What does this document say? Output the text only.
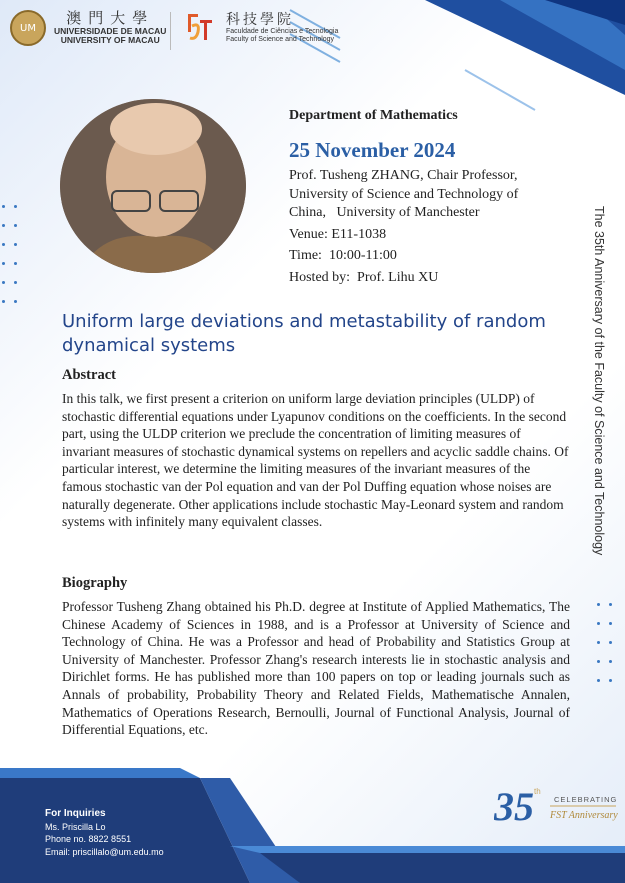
UM
澳門大學
UNIVERSIDADE DE MACAU
UNIVERSITY OF MACAU
科技學院
Faculdade de Ciências e Tecnologia
Faculty of Science and Technology

Department of Mathematics

25 November 2024

Prof. Tusheng ZHANG, Chair Professor,

University of Science and Technology of

China,   University of Manchester

Venue: E11-1038

Time:  10:00-11:00

Hosted by:  Prof. Lihu XU	The 35th Anniversary of the Faculty of Science and Technology

Uniform large deviations and metastability of random dynamical systems

Abstract

In this talk, we first present a criterion on uniform large deviation principles (ULDP) of stochastic differential equations under Lyapunov conditions on the coefficients. In the second part, using the ULDP criterion we preclude the concentration of limiting measures of invariant measures of stochastic dynamical systems on repellers and acyclic saddle chains. Of particular interest, we determine the limiting measures of the invariant measures of the famous stochastic van der Pol equation and van der Pol Duffing equation whose noises are naturally degenerate. Other applications include stochastic May-Leonard system and random systems with infinitely many equivalent classes.

Biography

Professor Tusheng Zhang obtained his Ph.D. degree at Institute of Applied Mathematics, The Chinese Academy of Sciences in 1988, and is a Professor at University of Science and Technology of China. He was a Professor and head of Probability and Statistics Group at University of Manchester. Professor Zhang's research interests lie in stochastic analysis and Dirichlet forms. He has published more than 100 papers on top or leading journals such as Annals of probability, Probability Theory and Related Fields, Mathematische Annalen, Mathematics of Operations Research, Bernoulli, Journal of Functional Analysis, Journal of Differential Equations, etc.

For Inquiries
Ms. Priscilla Lo
Phone no. 8822 8551
Email: priscillalo@um.edu.mo
35 th
CELEBRATING
FST Anniversary
